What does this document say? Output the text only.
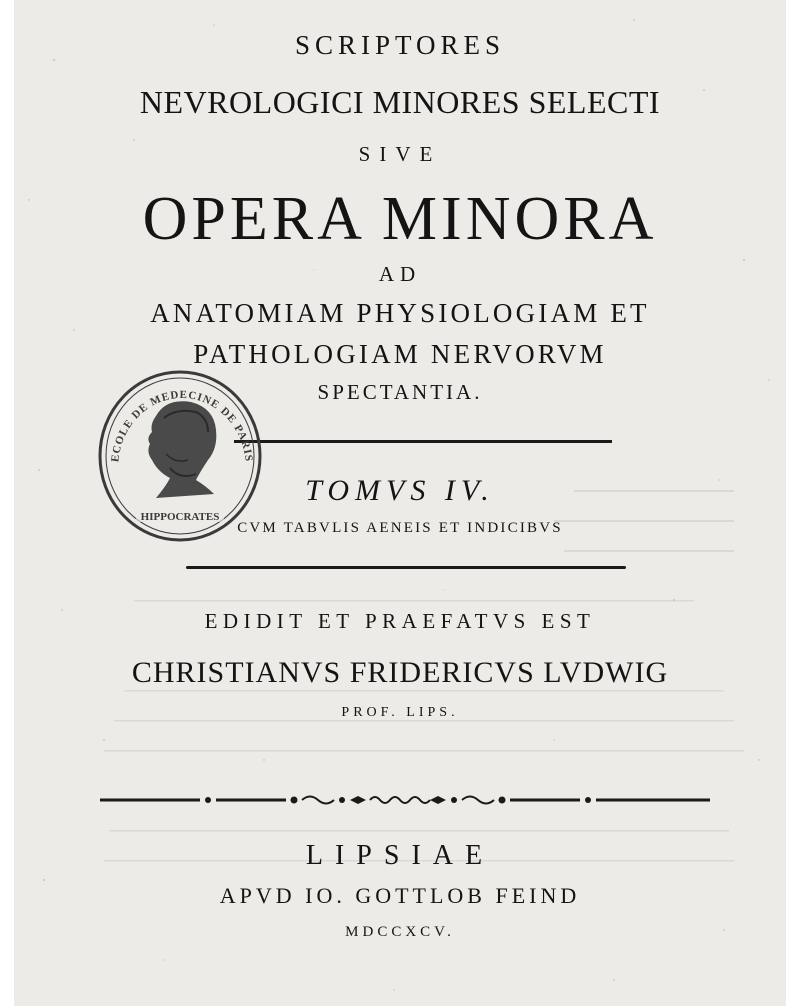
SCRIPTORES
NEVROLOGICI MINORES SELECTI
SIVE
OPERA MINORA
AD
ANATOMIAM PHYSIOLOGIAM ET
PATHOLOGIAM NERVORVM
SPECTANTIA.
TOMVS IV.
CVM TABVLIS AENEIS ET INDICIBVS
EDIDIT ET PRAEFATVS EST
CHRISTIANVS FRIDERICVS LVDWIG
PROF. LIPS.
LIPSIAE
APVD IO. GOTTLOB FEIND
MDCCXCV.
ECOLE DE MEDECINE DE PARIS
HIPPOCRATES
